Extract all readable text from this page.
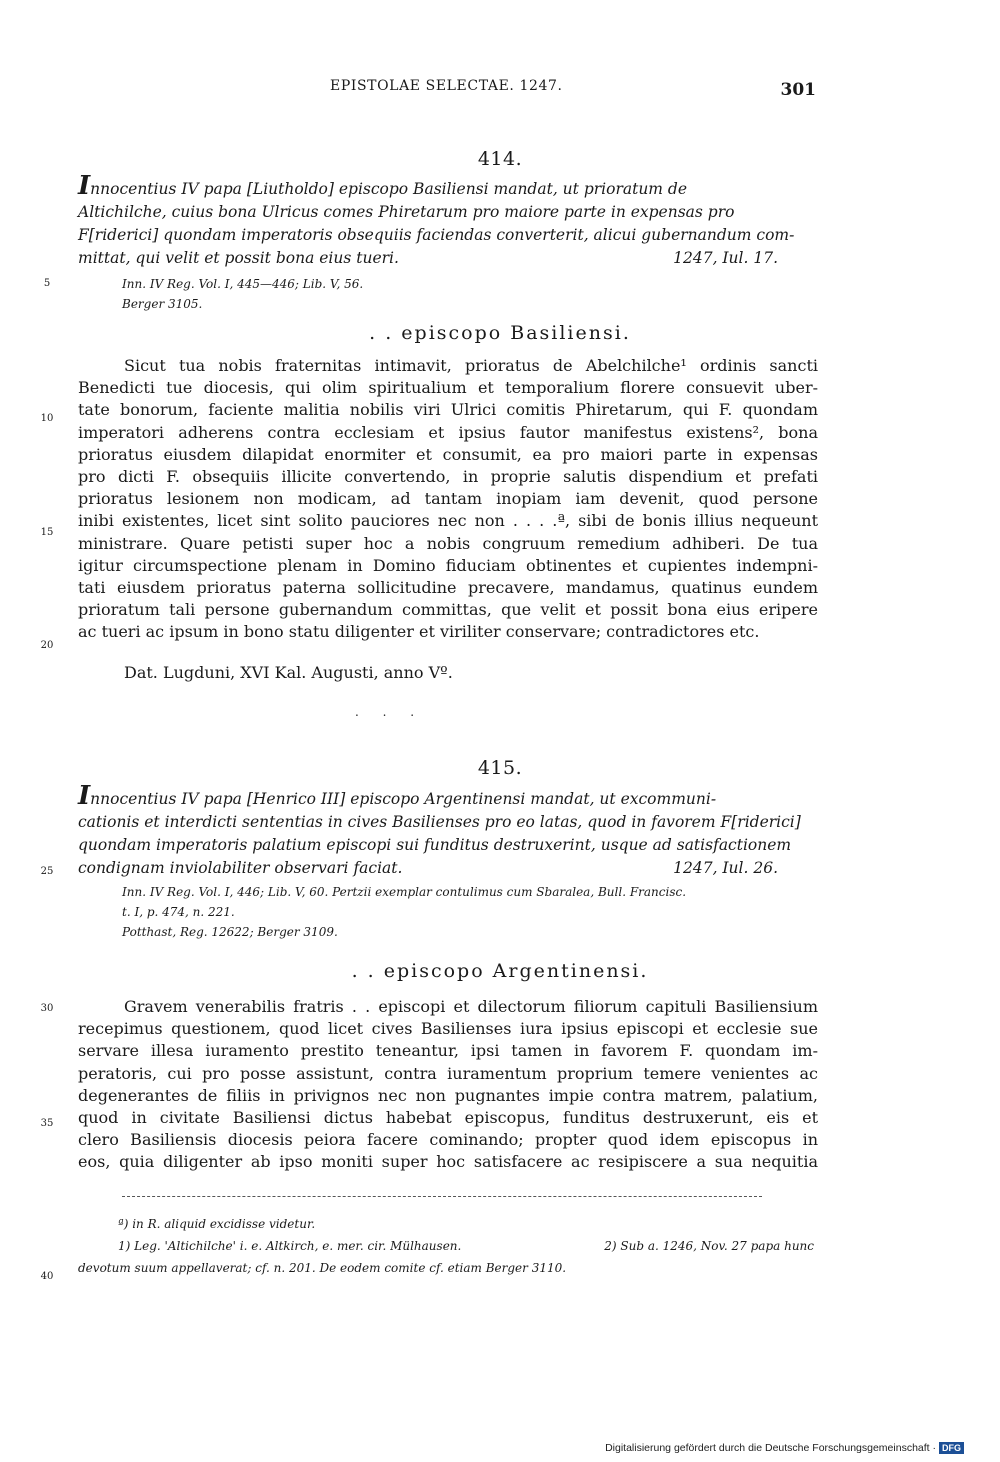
EPISTOLAE SELECTAE. 1247.	301
414.
Innocentius IV papa [Liutholdo] episcopo Basiliensi mandat, ut prioratum de
Altichilche, cuius bona Ulricus comes Phiretarum pro maiore parte in expensas pro
F[riderici] quondam imperatoris obsequiis faciendas converterit, alicui gubernandum com-
mittat, qui velit et possit bona eius tueri.	1247, Iul. 17.
Inn. IV Reg. Vol. I, 445—446; Lib. V, 56.
Berger 3105.
. . episcopo Basiliensi.
Sicut tua nobis fraternitas intimavit, prioratus de Abelchilche¹ ordinis sancti
Benedicti tue diocesis, qui olim spiritualium et temporalium florere consuevit uber-
tate bonorum, faciente malitia nobilis viri Ulrici comitis Phiretarum, qui F. quondam
imperatori adherens contra ecclesiam et ipsius fautor manifestus existens², bona
prioratus eiusdem dilapidat enormiter et consumit, ea pro maiori parte in expensas
pro dicti F. obsequiis illicite convertendo, in proprie salutis dispendium et prefati
prioratus lesionem non modicam, ad tantam inopiam iam devenit, quod persone
inibi existentes, licet sint solito pauciores nec non . . . .ª, sibi de bonis illius nequeunt
ministrare. Quare petisti super hoc a nobis congruum remedium adhiberi. De tua
igitur circumspectione plenam in Domino fiduciam obtinentes et cupientes indempni-
tati eiusdem prioratus paterna sollicitudine precavere, mandamus, quatinus eundem
prioratum tali persone gubernandum committas, que velit et possit bona eius eripere
ac tueri ac ipsum in bono statu diligenter et viriliter conservare; contradictores etc.
Dat. Lugduni, XVI Kal. Augusti, anno Vº.
. . .
415.
Innocentius IV papa [Henrico III] episcopo Argentinensi mandat, ut excommuni-
cationis et interdicti sententias in cives Basilienses pro eo latas, quod in favorem F[riderici]
quondam imperatoris palatium episcopi sui funditus destruxerint, usque ad satisfactionem
condignam inviolabiliter observari faciat.	1247, Iul. 26.
Inn. IV Reg. Vol. I, 446; Lib. V, 60. Pertzii exemplar contulimus cum Sbaralea, Bull. Francisc.
t. I, p. 474, n. 221.
Potthast, Reg. 12622; Berger 3109.
. . episcopo Argentinensi.
Gravem venerabilis fratris . . episcopi et dilectorum filiorum capituli Basiliensium
recepimus questionem, quod licet cives Basilienses iura ipsius episcopi et ecclesie sue
servare illesa iuramento prestito teneantur, ipsi tamen in favorem F. quondam im-
peratoris, cui pro posse assistunt, contra iuramentum proprium temere venientes ac
degenerantes de filiis in privignos nec non pugnantes impie contra matrem, palatium,
quod in civitate Basiliensi dictus habebat episcopus, funditus destruxerunt, eis et
clero Basiliensis diocesis peiora facere cominando; propter quod idem episcopus in
eos, quia diligenter ab ipso moniti super hoc satisfacere ac resipiscere a sua nequitia
5
10
15
20
25
30
35
40
ª) in R. aliquid excidisse videtur.
1) Leg. 'Altichilche' i. e. Altkirch, e. mer. cir. Mülhausen.	2) Sub a. 1246, Nov. 27 papa hunc
devotum suum appellaverat; cf. n. 201. De eodem comite cf. etiam Berger 3110.
Digitalisierung gefördert durch die Deutsche Forschungsgemeinschaft · DFG
